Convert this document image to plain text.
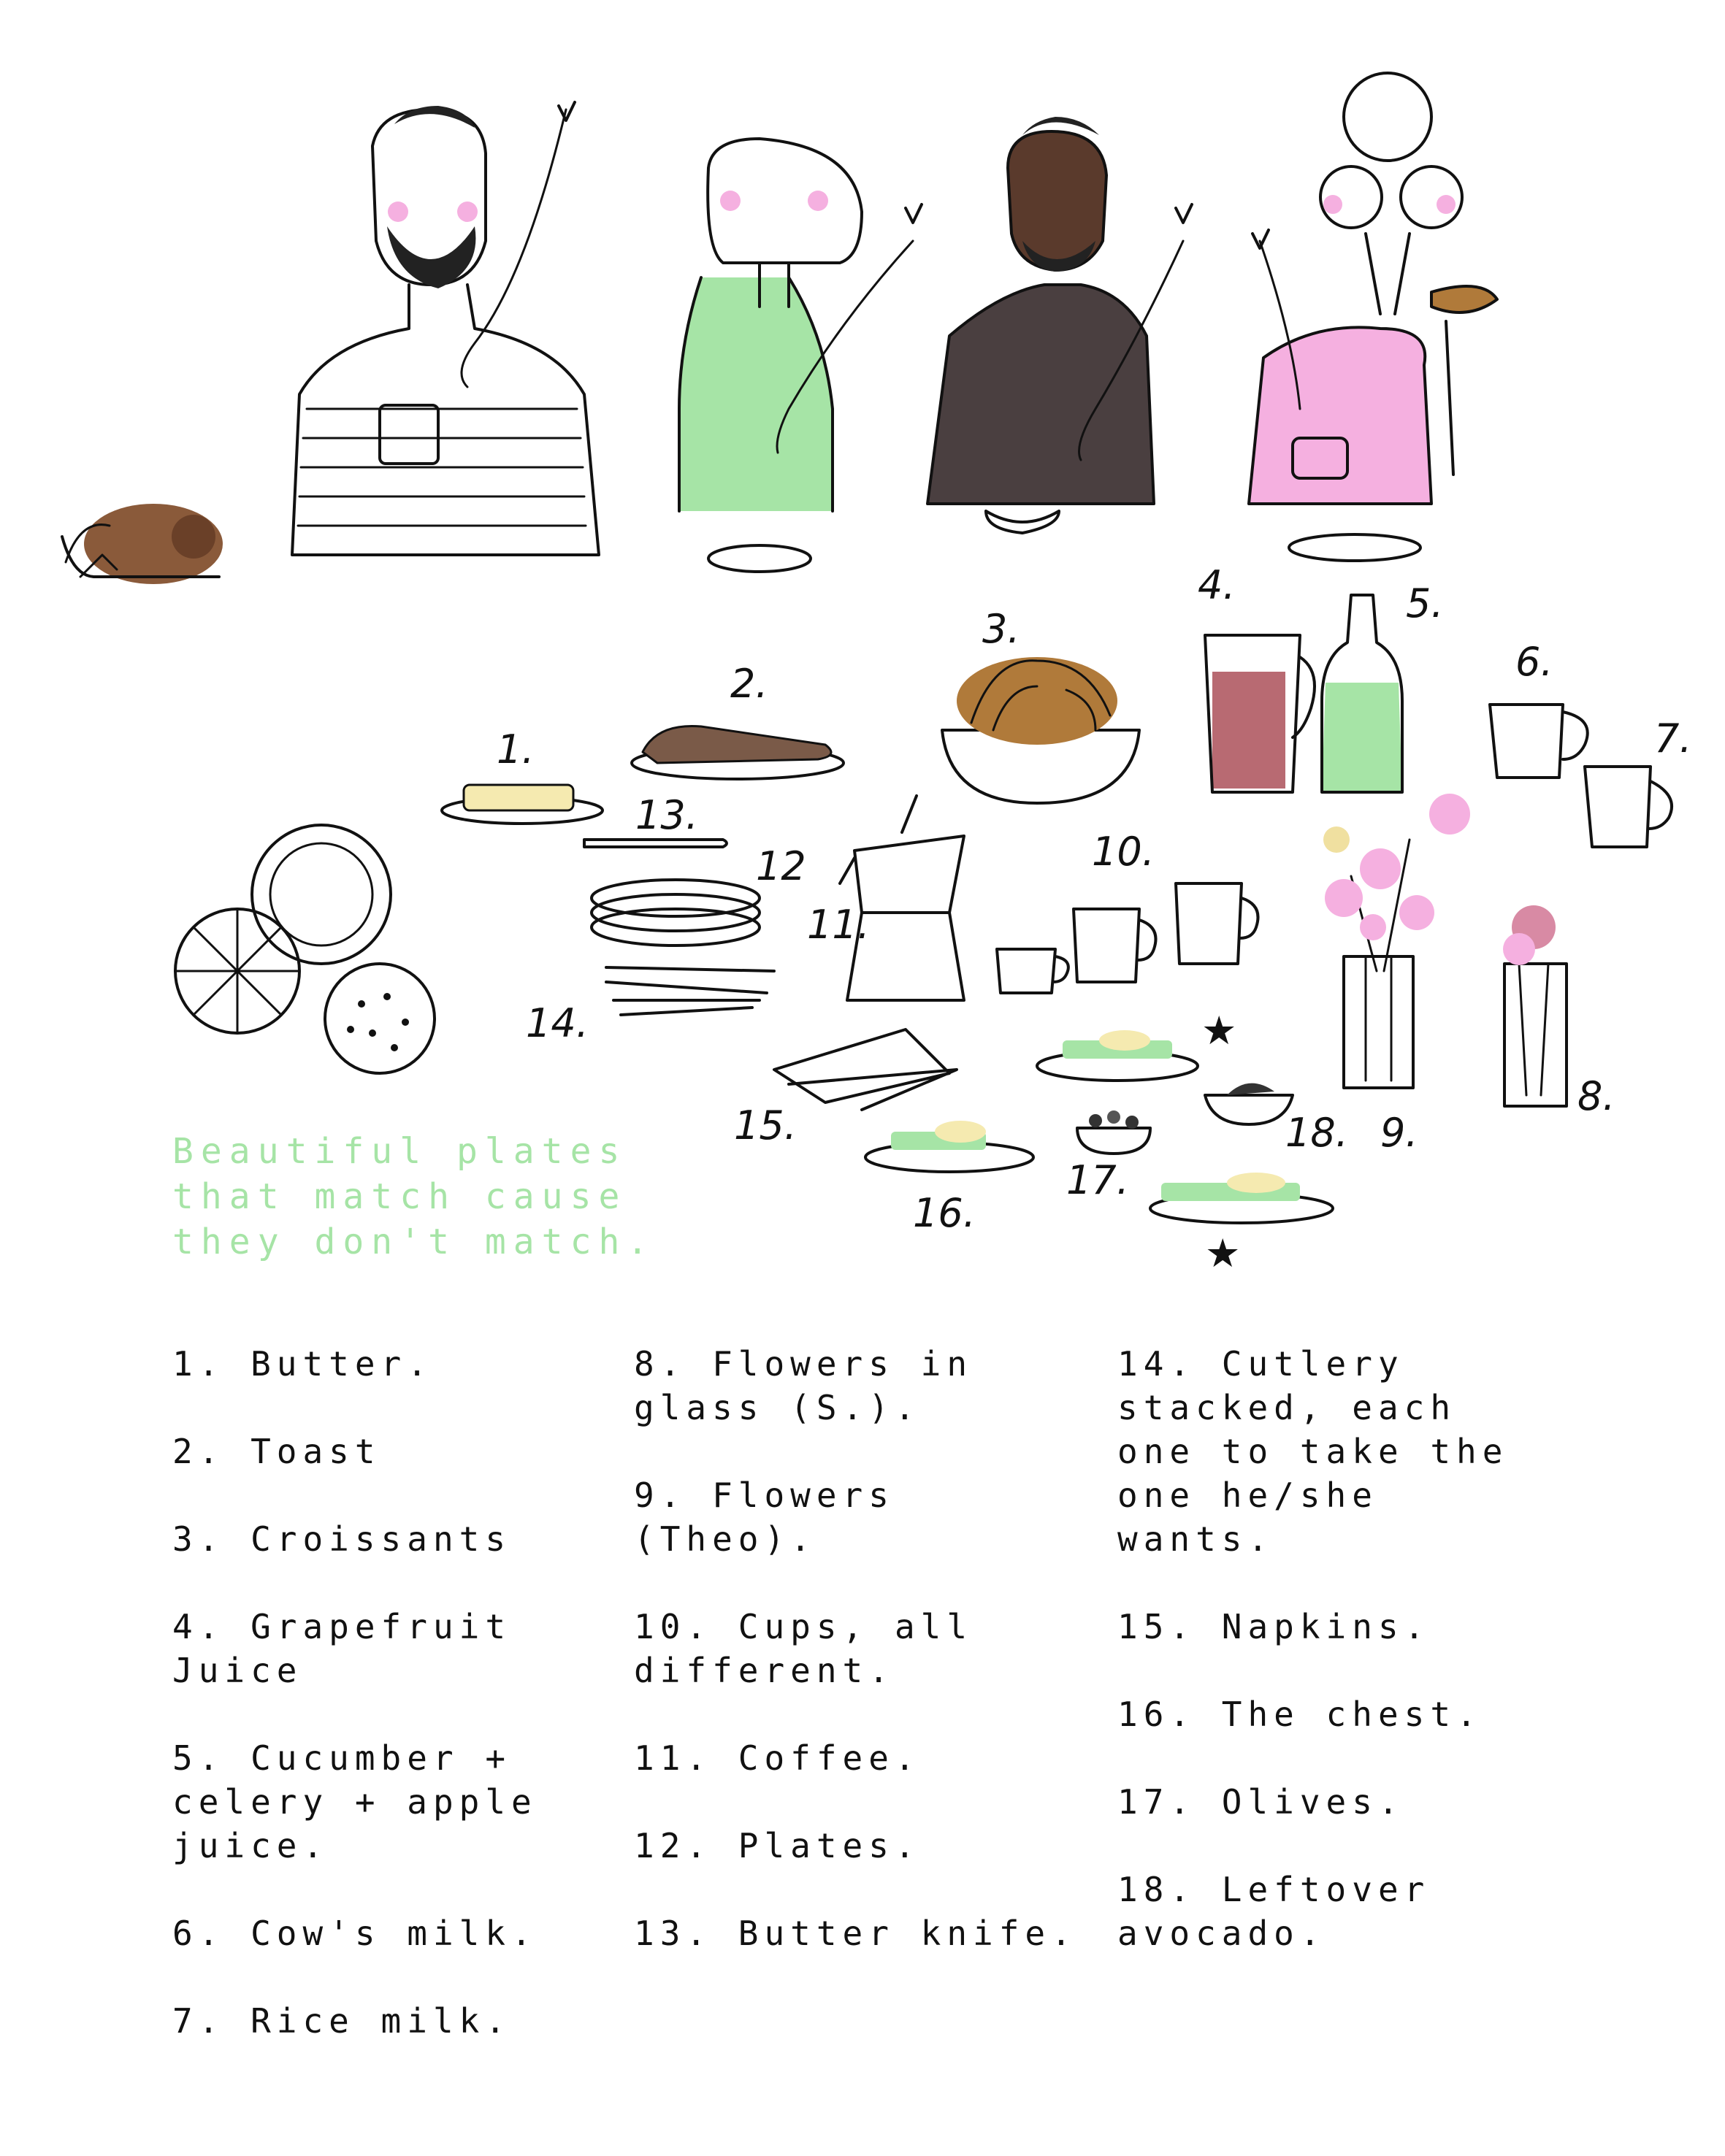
1.
2.
3.
4.	5.
6.
7.
8.
9.
10.
11.
12
13.
14.
15.
16.
★
★
17.
18.
Beautiful plates
that match cause
they don't match.
1. Butter.
2. Toast
3. Croissants
4. Grapefruit
Juice
5. Cucumber +
celery + apple
juice.
6. Cow's milk.
7. Rice milk.
8. Flowers in
glass (S.).
9. Flowers
(Theo).
10. Cups, all
different.
11. Coffee.
12. Plates.
13. Butter knife.
14. Cutlery
stacked, each
one to take the
one he/she
wants.
15. Napkins.
16. The chest.
17. Olives.
18. Leftover
avocado.
